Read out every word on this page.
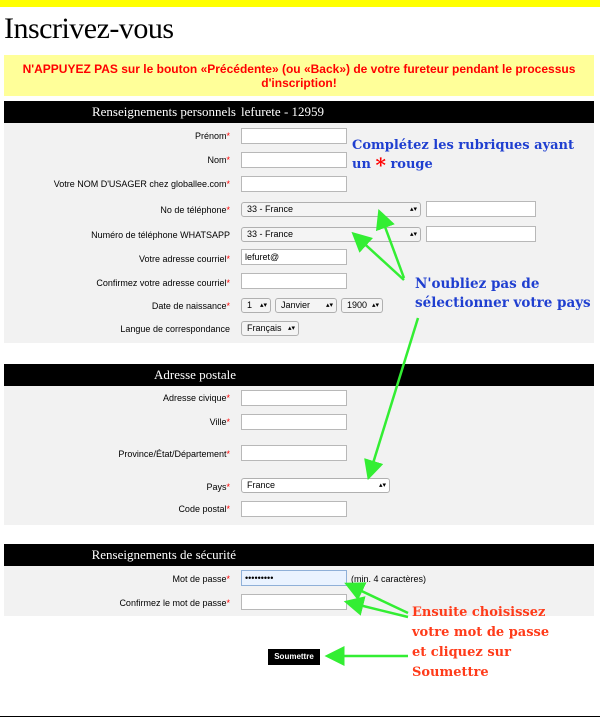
Inscrivez-vous
N'APPUYEZ PAS sur le bouton «Précédente» (ou «Back») de votre fureteur pendant le processus d'inscription!
Renseignements personnels lefurete - 12959
Prénom*
Nom*
Votre NOM D'USAGER chez globallee.com*
No de téléphone*	33 - France	▴▾
Numéro de téléphone WHATSAPP	33 - France	▴▾
Votre adresse courriel*	lefuret@
Confirmez votre adresse courriel*
Date de naissance*	1 ▴▾	Janvier ▴▾	1900 ▴▾
Langue de correspondance	Français ▴▾
Adresse postale
Adresse civique*
Ville*
Province/État/Département*
Pays*	France	▴▾
Code postal*
Renseignements de sécurité
Mot de passe*	•••••••••	(min. 4 caractères)
Confirmez le mot de passe*
Soumettre
Complétez les rubriques ayant
un * rouge
N'oubliez pas de
sélectionner votre pays
Ensuite choisissez
votre mot de passe
et cliquez sur
Soumettre
